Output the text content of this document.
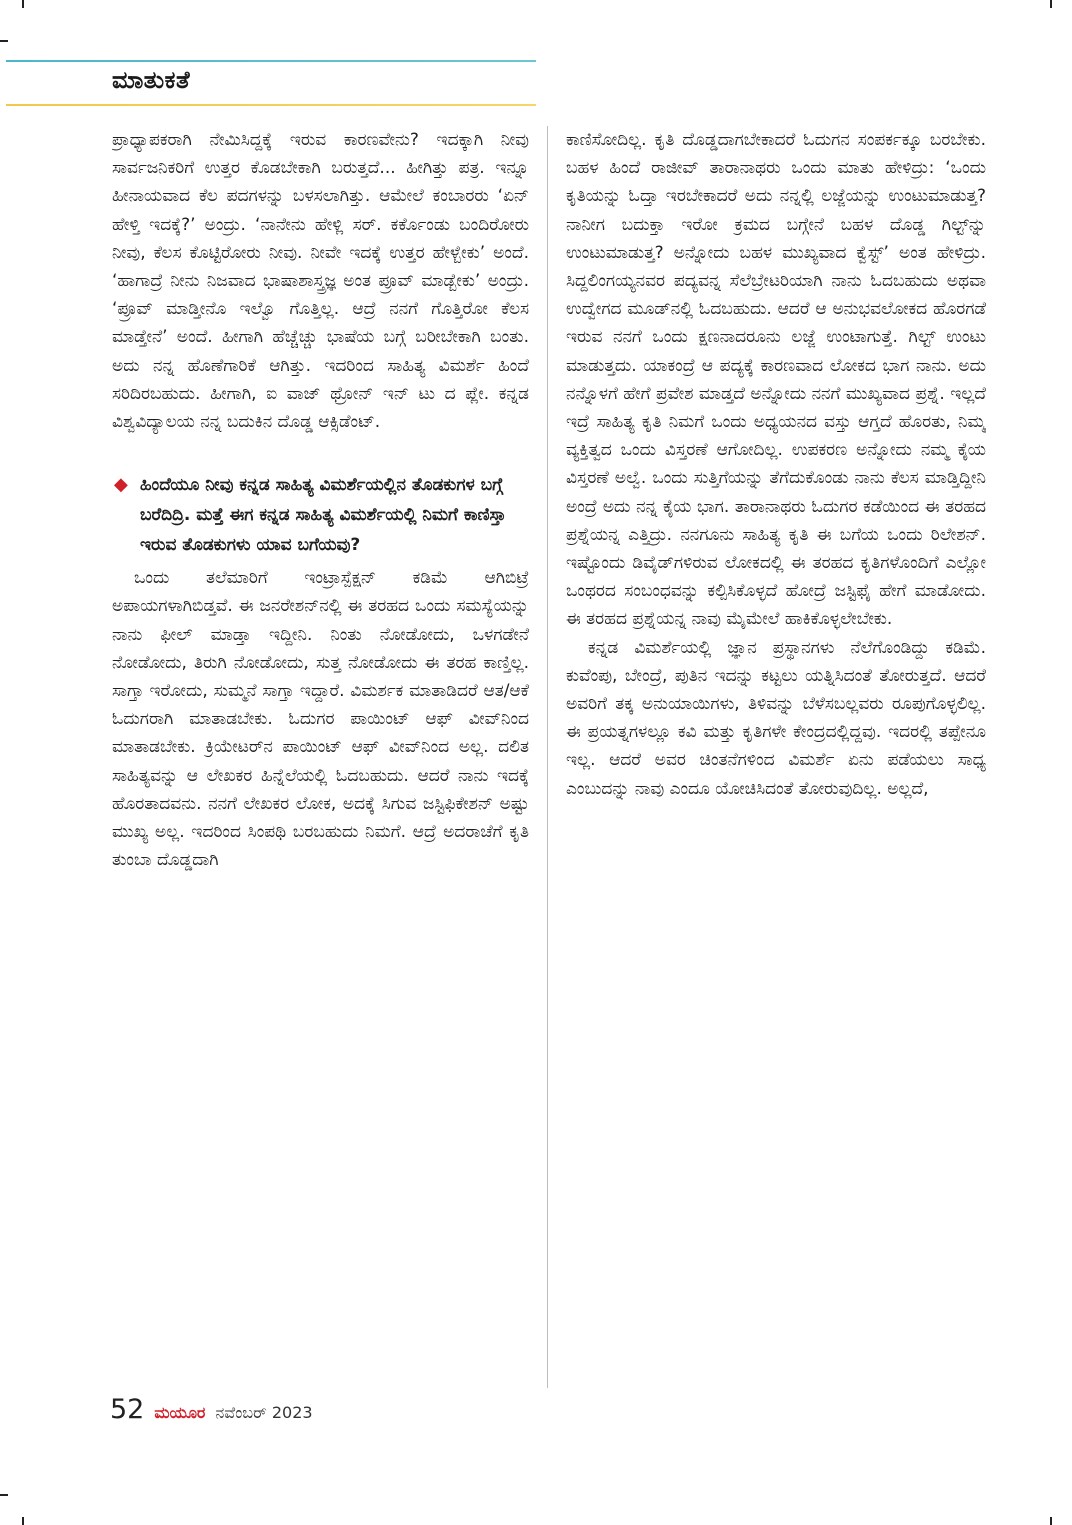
ಮಾತುಕತೆ

ಪ್ರಾಧ್ಯಾಪಕರಾಗಿ ನೇಮಿಸಿದ್ದಕ್ಕೆ ಇರುವ ಕಾರಣವೇನು? ಇದಕ್ಕಾಗಿ ನೀವು ಸಾರ್ವಜನಿಕರಿಗೆ ಉತ್ತರ ಕೊಡಬೇಕಾಗಿ ಬರುತ್ತದೆ... ಹೀಗಿತ್ತು ಪತ್ರ. ಇನ್ನೂ ಹೀನಾಯವಾದ ಕೆಲ ಪದಗಳನ್ನು ಬಳಸಲಾಗಿತ್ತು. ಆಮೇಲೆ ಕಂಬಾರರು ‘ಏನ್ ಹೇಳ್ತಿ ಇದಕ್ಕೆ?’ ಅಂದ್ರು. ‘ನಾನೇನು ಹೇಳ್ಲಿ ಸರ್. ಕರ್ಕೊಂಡು ಬಂದಿರೋರು ನೀವು, ಕೆಲಸ ಕೊಟ್ಟಿರೋರು ನೀವು. ನೀವೇ ಇದಕ್ಕೆ ಉತ್ತರ ಹೇಳ್ಬೇಕು’ ಅಂದೆ. ‘ಹಾಗಾದ್ರೆ ನೀನು ನಿಜವಾದ ಭಾಷಾಶಾಸ್ತ್ರಜ್ಞ ಅಂತ ಪ್ರೂವ್ ಮಾಡ್ಬೇಕು’ ಅಂದ್ರು. ‘ಪ್ರೂವ್ ಮಾಡ್ತೀನೊ ಇಲ್ವೊ ಗೊತ್ತಿಲ್ಲ. ಆದ್ರೆ ನನಗೆ ಗೊತ್ತಿರೋ ಕೆಲಸ ಮಾಡ್ತೇನೆ’ ಅಂದೆ. ಹೀಗಾಗಿ ಹೆಚ್ಚೆಚ್ಚು ಭಾಷೆಯ ಬಗ್ಗೆ ಬರೀಬೇಕಾಗಿ ಬಂತು. ಅದು ನನ್ನ ಹೊಣೆಗಾರಿಕೆ ಆಗಿತ್ತು. ಇದರಿಂದ ಸಾಹಿತ್ಯ ವಿಮರ್ಶೆ ಹಿಂದೆ ಸರಿದಿರಬಹುದು. ಹೀಗಾಗಿ, ಐ ವಾಜ್ ಥ್ರೋನ್ ಇನ್ ಟು ದ ಪ್ಲೇ. ಕನ್ನಡ ವಿಶ್ವವಿದ್ಯಾಲಯ ನನ್ನ ಬದುಕಿನ ದೊಡ್ಡ ಆಕ್ಸಿಡೆಂಟ್.

◆ ಹಿಂದೆಯೂ ನೀವು ಕನ್ನಡ ಸಾಹಿತ್ಯ ವಿಮರ್ಶೆಯಲ್ಲಿನ ತೊಡಕುಗಳ ಬಗ್ಗೆ ಬರೆದಿದ್ರಿ. ಮತ್ತೆ ಈಗ ಕನ್ನಡ ಸಾಹಿತ್ಯ ವಿಮರ್ಶೆಯಲ್ಲಿ ನಿಮಗೆ ಕಾಣಿಸ್ತಾ ಇರುವ ತೊಡಕುಗಳು ಯಾವ ಬಗೆಯವು?

ಒಂದು ತಲೆಮಾರಿಗೆ ಇಂಟ್ರಾಸ್ಪೆಕ್ಷನ್ ಕಡಿಮೆ ಆಗಿಬಿಟ್ರೆ ಅಪಾಯಗಳಾಗಿಬಿಡ್ತವೆ. ಈ ಜನರೇಶನ್‌ನಲ್ಲಿ ಈ ತರಹದ ಒಂದು ಸಮಸ್ಯೆಯನ್ನು ನಾನು ಫೀಲ್ ಮಾಡ್ತಾ ಇದ್ದೀನಿ. ನಿಂತು ನೋಡೋದು, ಒಳಗಡೇನೆ ನೋಡೋದು, ತಿರುಗಿ ನೋಡೋದು, ಸುತ್ತ ನೋಡೋದು ಈ ತರಹ ಕಾಣ್ತಿಲ್ಲ. ಸಾಗ್ತಾ ಇರೋದು, ಸುಮ್ಮನೆ ಸಾಗ್ತಾ ಇದ್ದಾರೆ. ವಿಮರ್ಶಕ ಮಾತಾಡಿದರೆ ಆತ/ಆಕೆ ಓದುಗರಾಗಿ ಮಾತಾಡಬೇಕು. ಓದುಗರ ಪಾಯಿಂಟ್ ಆಫ್ ವೀವ್‌ನಿಂದ ಮಾತಾಡಬೇಕು. ಕ್ರಿಯೇಟರ್‌ನ ಪಾಯಿಂಟ್ ಆಫ್ ವೀವ್‌ನಿಂದ ಅಲ್ಲ. ದಲಿತ ಸಾಹಿತ್ಯವನ್ನು ಆ ಲೇಖಕರ ಹಿನ್ನೆಲೆಯಲ್ಲಿ ಓದಬಹುದು. ಆದರೆ ನಾನು ಇದಕ್ಕೆ ಹೊರತಾದವನು. ನನಗೆ ಲೇಖಕರ ಲೋಕ, ಅದಕ್ಕೆ ಸಿಗುವ ಜಸ್ಟಿಫಿಕೇಶನ್ ಅಷ್ಟು ಮುಖ್ಯ ಅಲ್ಲ. ಇದರಿಂದ ಸಿಂಪಥಿ ಬರಬಹುದು ನಿಮಗೆ. ಆದ್ರೆ ಅದರಾಚೆಗೆ ಕೃತಿ ತುಂಬಾ ದೊಡ್ಡದಾಗಿ

ಕಾಣಿಸೋದಿಲ್ಲ. ಕೃತಿ ದೊಡ್ಡದಾಗಬೇಕಾದರೆ ಓದುಗನ ಸಂಪರ್ಕಕ್ಕೂ ಬರಬೇಕು. ಬಹಳ ಹಿಂದೆ ರಾಜೀವ್ ತಾರಾನಾಥರು ಒಂದು ಮಾತು ಹೇಳಿದ್ರು: ‘ಒಂದು ಕೃತಿಯನ್ನು ಓದ್ತಾ ಇರಬೇಕಾದರೆ ಅದು ನನ್ನಲ್ಲಿ ಲಜ್ಜೆಯನ್ನು ಉಂಟುಮಾಡುತ್ತ? ನಾನೀಗ ಬದುಕ್ತಾ ಇರೋ ಕ್ರಮದ ಬಗ್ಗೇನೆ ಬಹಳ ದೊಡ್ಡ ಗಿಲ್ಟ್‌ನ್ನು ಉಂಟುಮಾಡುತ್ತ? ಅನ್ನೋದು ಬಹಳ ಮುಖ್ಯವಾದ ಕ್ವೆಸ್ಟ್’ ಅಂತ ಹೇಳಿದ್ರು. ಸಿದ್ದಲಿಂಗಯ್ಯನವರ ಪದ್ಯವನ್ನ ಸೆಲೆಬ್ರೇಟರಿಯಾಗಿ ನಾನು ಓದಬಹುದು ಅಥವಾ ಉದ್ವೇಗದ ಮೂಡ್‌ನಲ್ಲಿ ಓದಬಹುದು. ಆದರೆ ಆ ಅನುಭವಲೋಕದ ಹೊರಗಡೆ ಇರುವ ನನಗೆ ಒಂದು ಕ್ಷಣನಾದರೂನು ಲಜ್ಜೆ ಉಂಟಾಗುತ್ತೆ. ಗಿಲ್ಟ್ ಉಂಟು ಮಾಡುತ್ತದು. ಯಾಕಂದ್ರೆ ಆ ಪದ್ಯಕ್ಕೆ ಕಾರಣವಾದ ಲೋಕದ ಭಾಗ ನಾನು. ಅದು ನನ್ನೊಳಗೆ ಹೇಗೆ ಪ್ರವೇಶ ಮಾಡ್ತದೆ ಅನ್ನೋದು ನನಗೆ ಮುಖ್ಯವಾದ ಪ್ರಶ್ನೆ. ಇಲ್ಲದೆ ಇದ್ರೆ ಸಾಹಿತ್ಯ ಕೃತಿ ನಿಮಗೆ ಒಂದು ಅಧ್ಯಯನದ ವಸ್ತು ಆಗ್ತದೆ ಹೊರತು, ನಿಮ್ಮ ವ್ಯಕ್ತಿತ್ವದ ಒಂದು ವಿಸ್ತರಣೆ ಆಗೋದಿಲ್ಲ. ಉಪಕರಣ ಅನ್ನೋದು ನಮ್ಮ ಕೈಯ ವಿಸ್ತರಣೆ ಅಲ್ವೆ. ಒಂದು ಸುತ್ತಿಗೆಯನ್ನು ತೆಗೆದುಕೊಂಡು ನಾನು ಕೆಲಸ ಮಾಡ್ತಿದ್ದೀನಿ ಅಂದ್ರೆ ಅದು ನನ್ನ ಕೈಯ ಭಾಗ. ತಾರಾನಾಥರು ಓದುಗರ ಕಡೆಯಿಂದ ಈ ತರಹದ ಪ್ರಶ್ನೆಯನ್ನ ಎತ್ತಿದ್ರು. ನನಗೂನು ಸಾಹಿತ್ಯ ಕೃತಿ ಈ ಬಗೆಯ ಒಂದು ರಿಲೇಶನ್. ಇಷ್ಟೊಂದು ಡಿವೈಡ್‌ಗಳಿರುವ ಲೋಕದಲ್ಲಿ ಈ ತರಹದ ಕೃತಿಗಳೊಂದಿಗೆ ಎಲ್ಲೋ ಒಂಥರದ ಸಂಬಂಧವನ್ನು ಕಲ್ಪಿಸಿಕೊಳ್ಳದೆ ಹೋದ್ರೆ ಜಸ್ಟಿಫೈ ಹೇಗೆ ಮಾಡೋದು. ಈ ತರಹದ ಪ್ರಶ್ನೆಯನ್ನ ನಾವು ಮೈಮೇಲೆ ಹಾಕಿಕೊಳ್ಳಲೇಬೇಕು.

ಕನ್ನಡ ವಿಮರ್ಶೆಯಲ್ಲಿ ಜ್ಞಾನ ಪ್ರಸ್ಥಾನಗಳು ನೆಲೆಗೊಂಡಿದ್ದು ಕಡಿಮೆ. ಕುವೆಂಪು, ಬೇಂದ್ರೆ, ಪುತಿನ ಇದನ್ನು ಕಟ್ಟಲು ಯತ್ನಿಸಿದಂತೆ ತೋರುತ್ತದೆ. ಆದರೆ ಅವರಿಗೆ ತಕ್ಕ ಅನುಯಾಯಿಗಳು, ತಿಳಿವನ್ನು ಬೆಳೆಸಬಲ್ಲವರು ರೂಪುಗೊಳ್ಳಲಿಲ್ಲ. ಈ ಪ್ರಯತ್ನಗಳಲ್ಲೂ ಕವಿ ಮತ್ತು ಕೃತಿಗಳೇ ಕೇಂದ್ರದಲ್ಲಿದ್ದವು. ಇದರಲ್ಲಿ ತಪ್ಪೇನೂ ಇಲ್ಲ. ಆದರೆ ಅವರ ಚಿಂತನೆಗಳಿಂದ ವಿಮರ್ಶೆ ಏನು ಪಡೆಯಲು ಸಾಧ್ಯ ಎಂಬುದನ್ನು ನಾವು ಎಂದೂ ಯೋಚಿಸಿದಂತೆ ತೋರುವುದಿಲ್ಲ. ಅಲ್ಲದೆ,

52 ಮಯೂರ ನವೆಂಬರ್ 2023
